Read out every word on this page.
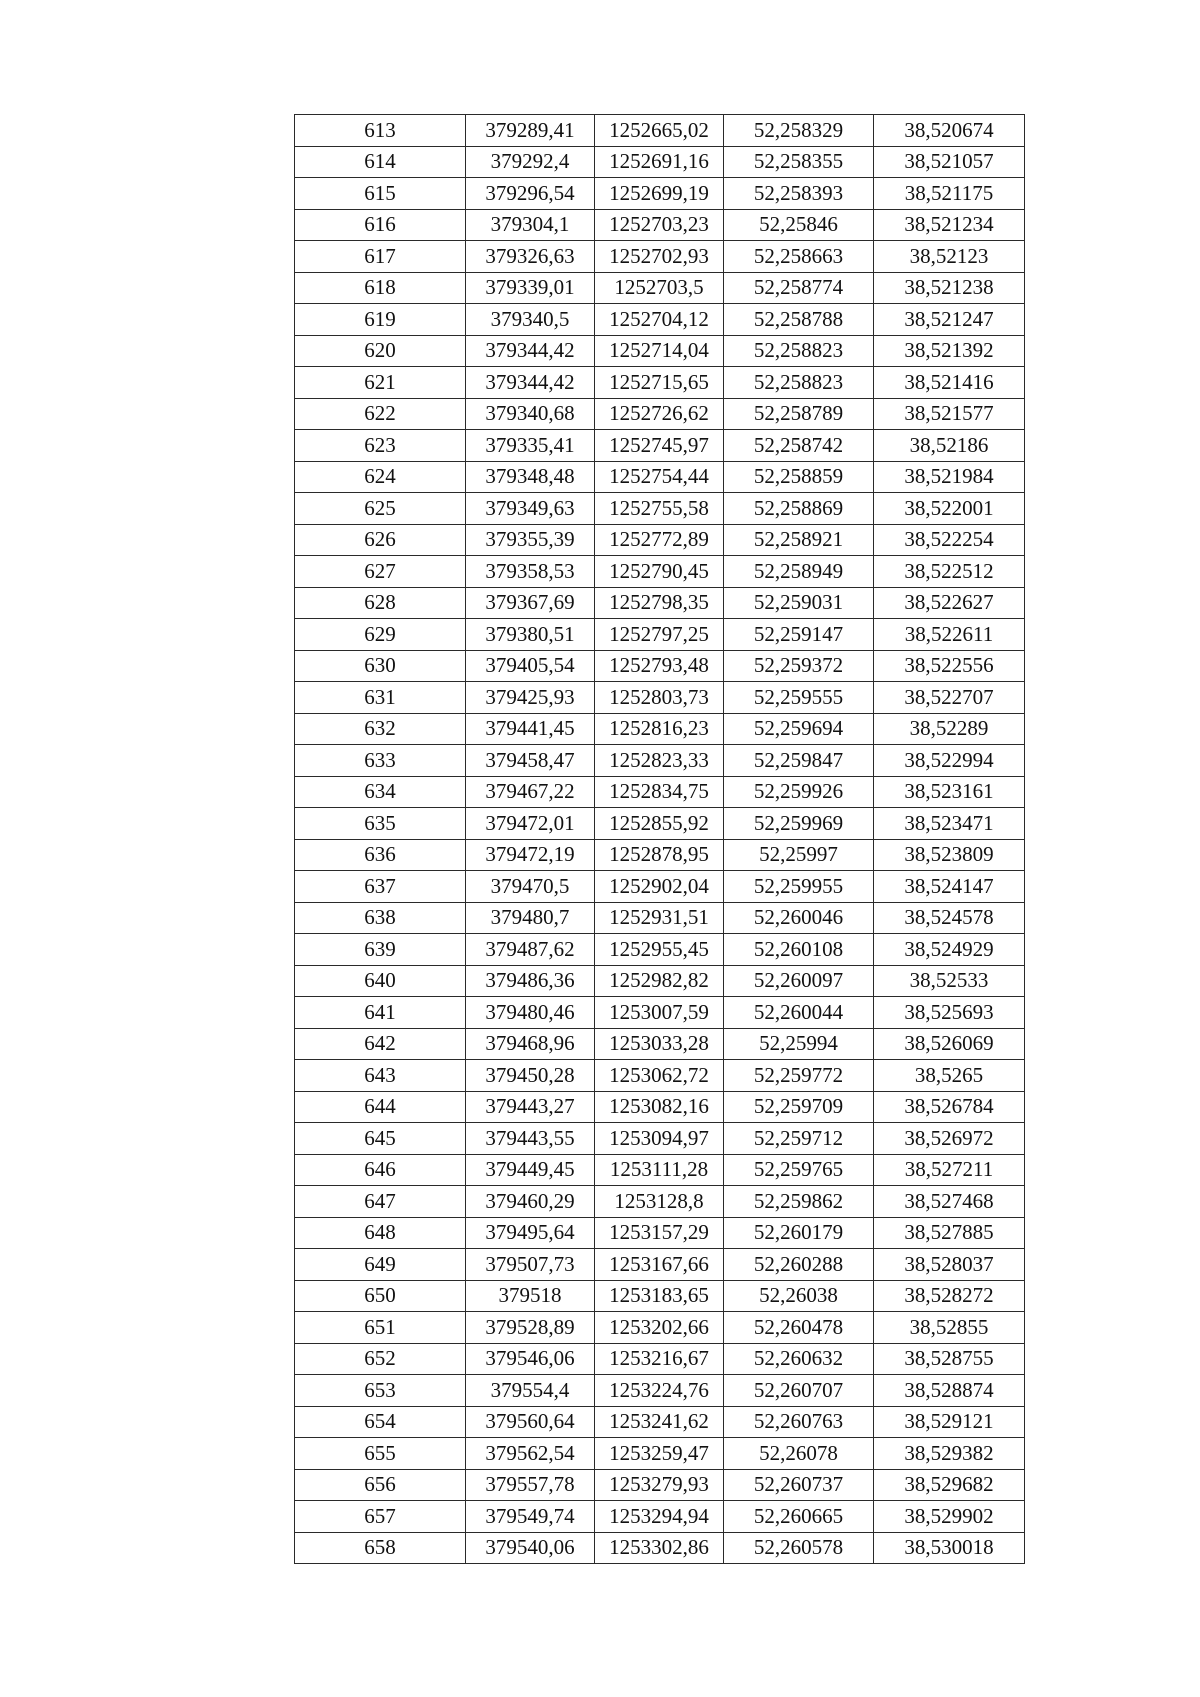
613	379289,41	1252665,02	52,258329	38,520674
614	379292,4	1252691,16	52,258355	38,521057
615	379296,54	1252699,19	52,258393	38,521175
616	379304,1	1252703,23	52,25846	38,521234
617	379326,63	1252702,93	52,258663	38,52123
618	379339,01	1252703,5	52,258774	38,521238
619	379340,5	1252704,12	52,258788	38,521247
620	379344,42	1252714,04	52,258823	38,521392
621	379344,42	1252715,65	52,258823	38,521416
622	379340,68	1252726,62	52,258789	38,521577
623	379335,41	1252745,97	52,258742	38,52186
624	379348,48	1252754,44	52,258859	38,521984
625	379349,63	1252755,58	52,258869	38,522001
626	379355,39	1252772,89	52,258921	38,522254
627	379358,53	1252790,45	52,258949	38,522512
628	379367,69	1252798,35	52,259031	38,522627
629	379380,51	1252797,25	52,259147	38,522611
630	379405,54	1252793,48	52,259372	38,522556
631	379425,93	1252803,73	52,259555	38,522707
632	379441,45	1252816,23	52,259694	38,52289
633	379458,47	1252823,33	52,259847	38,522994
634	379467,22	1252834,75	52,259926	38,523161
635	379472,01	1252855,92	52,259969	38,523471
636	379472,19	1252878,95	52,25997	38,523809
637	379470,5	1252902,04	52,259955	38,524147
638	379480,7	1252931,51	52,260046	38,524578
639	379487,62	1252955,45	52,260108	38,524929
640	379486,36	1252982,82	52,260097	38,52533
641	379480,46	1253007,59	52,260044	38,525693
642	379468,96	1253033,28	52,25994	38,526069
643	379450,28	1253062,72	52,259772	38,5265
644	379443,27	1253082,16	52,259709	38,526784
645	379443,55	1253094,97	52,259712	38,526972
646	379449,45	1253111,28	52,259765	38,527211
647	379460,29	1253128,8	52,259862	38,527468
648	379495,64	1253157,29	52,260179	38,527885
649	379507,73	1253167,66	52,260288	38,528037
650	379518	1253183,65	52,26038	38,528272
651	379528,89	1253202,66	52,260478	38,52855
652	379546,06	1253216,67	52,260632	38,528755
653	379554,4	1253224,76	52,260707	38,528874
654	379560,64	1253241,62	52,260763	38,529121
655	379562,54	1253259,47	52,26078	38,529382
656	379557,78	1253279,93	52,260737	38,529682
657	379549,74	1253294,94	52,260665	38,529902
658	379540,06	1253302,86	52,260578	38,530018
